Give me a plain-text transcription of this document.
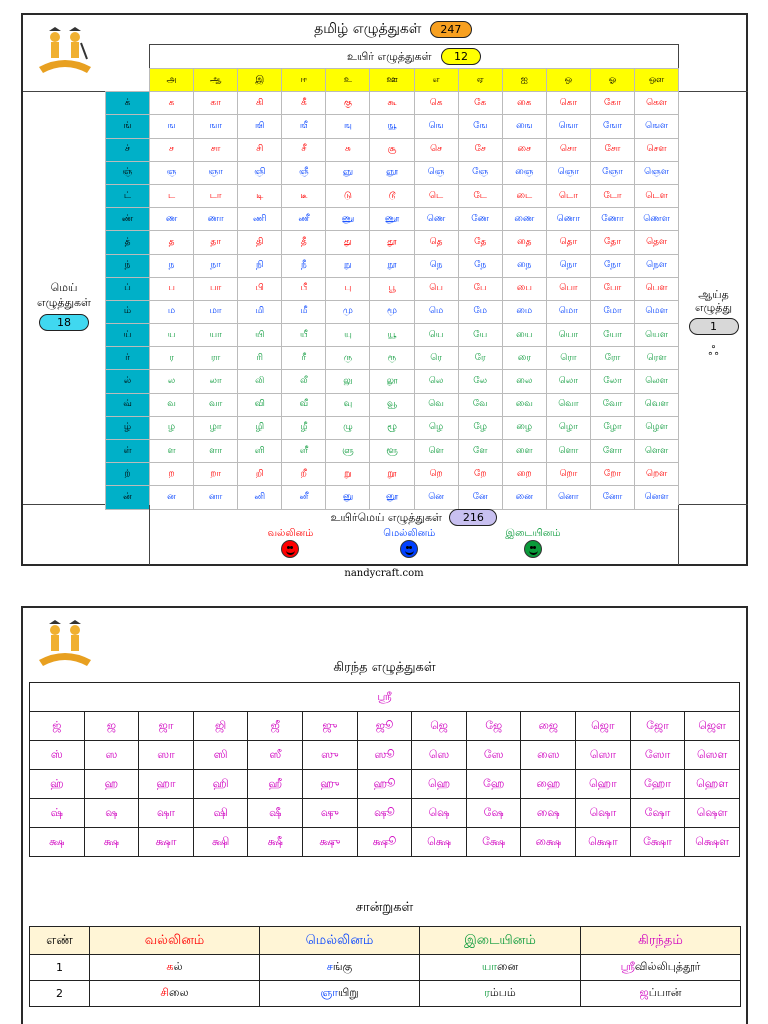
தமிழ் எழுத்துகள் 247
உயிர் எழுத்துகள் 12
மெய்
எழுத்துகள்
18
	அ	ஆ	இ	ஈ	உ	ஊ	எ	ஏ	ஐ	ஒ	ஓ	ஔ
க்	க	கா	கி	கீ	கு	கூ	கெ	கே	கை	கொ	கோ	கௌ
ங்	ங	ஙா	ஙி	ஙீ	ஙு	ஙூ	ஙெ	ஙே	ஙை	ஙொ	ஙோ	ஙௌ
ச்	ச	சா	சி	சீ	சு	சூ	செ	சே	சை	சொ	சோ	சௌ
ஞ்	ஞ	ஞா	ஞி	ஞீ	ஞு	ஞூ	ஞெ	ஞே	ஞை	ஞொ	ஞோ	ஞௌ
ட்	ட	டா	டி	டீ	டு	டூ	டெ	டே	டை	டொ	டோ	டௌ
ண்	ண	ணா	ணி	ணீ	ணு	ணூ	ணெ	ணே	ணை	ணொ	ணோ	ணௌ
த்	த	தா	தி	தீ	து	தூ	தெ	தே	தை	தொ	தோ	தௌ
ந்	ந	நா	நி	நீ	நு	நூ	நெ	நே	நை	நொ	நோ	நௌ
ப்	ப	பா	பி	பீ	பு	பூ	பெ	பே	பை	பொ	போ	பௌ
ம்	ம	மா	மி	மீ	மு	மூ	மெ	மே	மை	மொ	மோ	மௌ
ய்	ய	யா	யி	யீ	யு	யூ	யெ	யே	யை	யொ	யோ	யௌ
ர்	ர	ரா	ரி	ரீ	ரு	ரூ	ரெ	ரே	ரை	ரொ	ரோ	ரௌ
ல்	ல	லா	லி	லீ	லு	லூ	லெ	லே	லை	லொ	லோ	லௌ
வ்	வ	வா	வி	வீ	வு	வூ	வெ	வே	வை	வொ	வோ	வௌ
ழ்	ழ	ழா	ழி	ழீ	ழு	ழூ	ழெ	ழே	ழை	ழொ	ழோ	ழௌ
ள்	ள	ளா	ளி	ளீ	ளு	ளூ	ளெ	ளே	ளை	ளொ	ளோ	ளௌ
ற்	ற	றா	றி	றீ	று	றூ	றெ	றே	றை	றொ	றோ	றௌ
ன்	ன	னா	னி	னீ	னு	னூ	னெ	னே	னை	னொ	னோ	னௌ
ஆய்த
எழுத்து
1
ஃ
உயிர்மெய் எழுத்துகள் 216
வல்லினம்	மெல்லினம்	இடையினம்
nandycraft.com
கிரந்த எழுத்துகள்
ஸ்ரீ												
ஜ்	ஜ	ஜா	ஜி	ஜீ	ஜு	ஜூ	ஜெ	ஜே	ஜை	ஜொ	ஜோ	ஜௌ
ஸ்	ஸ	ஸா	ஸி	ஸீ	ஸு	ஸூ	ஸெ	ஸே	ஸை	ஸொ	ஸோ	ஸௌ
ஹ்	ஹ	ஹா	ஹி	ஹீ	ஹு	ஹூ	ஹெ	ஹே	ஹை	ஹொ	ஹோ	ஹௌ
ஷ்	ஷ	ஷா	ஷி	ஷீ	ஷு	ஷூ	ஷெ	ஷே	ஷை	ஷொ	ஷோ	ஷௌ
க்ஷ	க்ஷ	க்ஷா	க்ஷி	க்ஷீ	க்ஷு	க்ஷூ	க்ஷெ	க்ஷே	க்ஷை	க்ஷொ	க்ஷோ	க்ஷௌ
சான்றுகள்
எண்	வல்லினம்	மெல்லினம்	இடையினம்	கிரந்தம்
1	கல்	சங்கு	யானை	ஸ்ரீவில்லிபுத்தூர்
2	சிலை	ஞாயிறு	ரம்பம்	ஜப்பான்
